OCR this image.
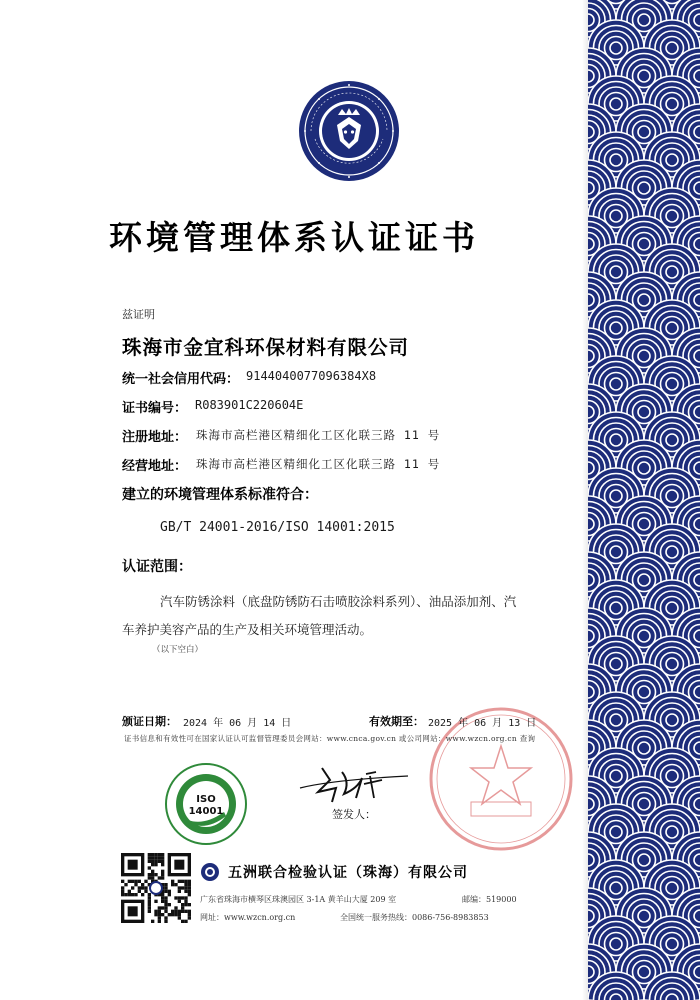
环境管理体系认证证书
兹证明
珠海市金宜科环保材料有限公司
统一社会信用代码： 9144040077096384X8
证书编号： R083901C220604E
注册地址： 珠海市高栏港区精细化工区化联三路 11 号
经营地址： 珠海市高栏港区精细化工区化联三路 11 号
建立的环境管理体系标准符合：
GB/T 24001-2016/ISO 14001:2015
认证范围：
汽车防锈涂料（底盘防锈防石击喷胶涂料系列）、油品添加剂、汽
车养护美容产品的生产及相关环境管理活动。
（以下空白）
颁证日期： 2024 年 06 月 14 日	有效期至： 2025 年 06 月 13 日
证书信息和有效性可在国家认证认可监督管理委员会网站：www.cnca.gov.cn 或公司网站：www.wzcn.org.cn 查询
ISO
14001	签发人：
五洲联合检验认证（珠海）有限公司
广东省珠海市横琴区珠澳园区 3-1A 黄羊山大厦 209 室	邮编：519000
网址：www.wzcn.org.cn	全国统一服务热线：0086-756-8983853
